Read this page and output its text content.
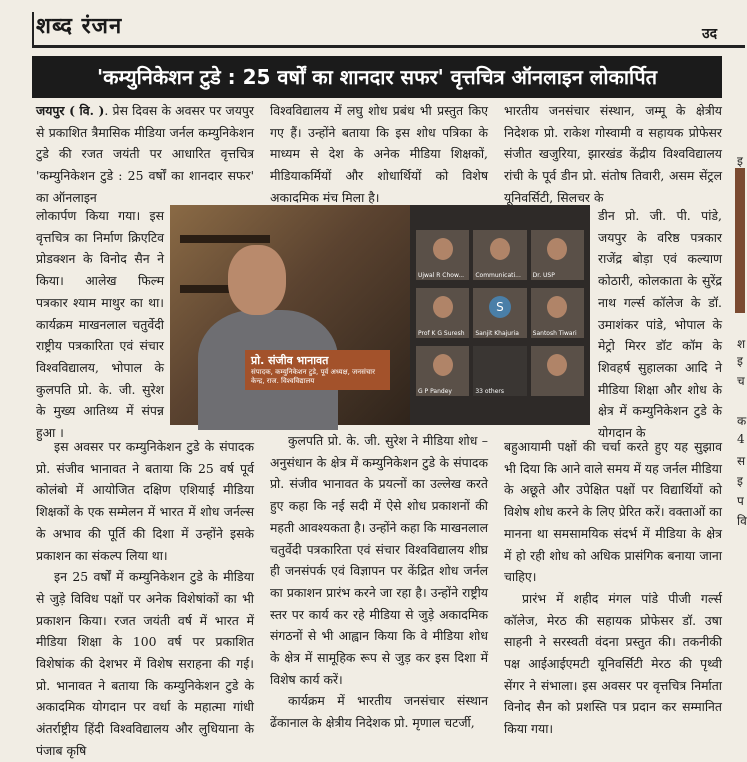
शब्द रंजन	उद
'कम्युनिकेशन टुडे : 25 वर्षों का शानदार सफर' वृत्तचित्र ऑनलाइन लोकार्पित

जयपुर ( वि. ). प्रेस दिवस के अवसर पर जयपुर से प्रकाशित त्रैमासिक मीडिया जर्नल कम्युनिकेशन टुडे की रजत जयंती पर आधारित वृत्तचित्र 'कम्युनिकेशन टुडे : 25 वर्षों का शानदार सफर' का ऑनलाइन

लोकार्पण किया गया। इस वृत्तचित्र का निर्माण क्रिएटिव प्रोडक्शन के विनोद सैन ने किया। आलेख फिल्म पत्रकार श्याम माथुर का था। कार्यक्रम माखनलाल चतुर्वेदी राष्ट्रीय पत्रकारिता एवं संचार विश्वविद्यालय, भोपाल के कुलपति प्रो. के. जी. सुरेश के मुख्य आतिथ्य में संपन्न हुआ ।

इस अवसर पर कम्युनिकेशन टुडे के संपादक प्रो. संजीव भानावत ने बताया कि 25 वर्ष पूर्व कोलंबो में आयोजित दक्षिण एशियाई मीडिया शिक्षकों के एक सम्मेलन में भारत में शोध जर्नल्स के अभाव की पूर्ति की दिशा में उन्होंने इसके प्रकाशन का संकल्प लिया था।

इन 25 वर्षों में कम्युनिकेशन टुडे के मीडिया से जुड़े विविध पक्षों पर अनेक विशेषांकों का भी प्रकाशन किया। रजत जयंती वर्ष में भारत में मीडिया शिक्षा के 100 वर्ष पर प्रकाशित विशेषांक की देशभर में विशेष सराहना की गई। प्रो. भानावत ने बताया कि कम्युनिकेशन टुडे के अकादमिक योगदान पर वर्धा के महात्मा गांधी अंतर्राष्ट्रीय हिंदी विश्वविद्यालय और लुधियाना के पंजाब कृषि

विश्वविद्यालय में लघु शोध प्रबंध भी प्रस्तुत किए गए हैं। उन्होंने बताया कि इस शोध पत्रिका के माध्यम से देश के अनेक मीडिया शिक्षकों, मीडियाकर्मियों और शोधार्थियों को विशेष अकादमिक मंच मिला है।

कुलपति प्रो. के. जी. सुरेश ने मीडिया शोध – अनुसंधान के क्षेत्र में कम्युनिकेशन टुडे के संपादक प्रो. संजीव भानावत के प्रयत्नों का उल्लेख करते हुए कहा कि नई सदी में ऐसे शोध प्रकाशनों की महती आवश्यकता है। उन्होंने कहा कि माखनलाल चतुर्वेदी पत्रकारिता एवं संचार विश्वविद्यालय शीघ्र ही जनसंपर्क एवं विज्ञापन पर केंद्रित शोध जर्नल का प्रकाशन प्रारंभ करने जा रहा है। उन्होंने राष्ट्रीय स्तर पर कार्य कर रहे मीडिया से जुड़े अकादमिक संगठनों से भी आह्वान किया कि वे मीडिया शोध के क्षेत्र में सामूहिक रूप से जुड़ कर इस दिशा में विशेष कार्य करें।

कार्यक्रम में भारतीय जनसंचार संस्थान ढेंकानाल के क्षेत्रीय निदेशक प्रो. मृणाल चटर्जी,

भारतीय जनसंचार संस्थान, जम्मू के क्षेत्रीय निदेशक प्रो. राकेश गोस्वामी व सहायक प्रोफेसर संजीत खजुरिया, झारखंड केंद्रीय विश्वविद्यालय रांची के पूर्व डीन प्रो. संतोष तिवारी, असम सेंट्रल यूनिवर्सिटी, सिलचर के

डीन प्रो. जी. पी. पांडे, जयपुर के वरिष्ठ पत्रकार राजेंद्र बोड़ा एवं कल्याण कोठारी, कोलकाता के सुरेंद्र नाथ गर्ल्स कॉलेज के डॉ. उमाशंकर पांडे, भोपाल के मेट्रो मिरर डॉट कॉम के शिवहर्ष सुहालका आदि ने मीडिया शिक्षा और शोध के क्षेत्र में कम्युनिकेशन टुडे के योगदान के

बहुआयामी पक्षों की चर्चा करते हुए यह सुझाव भी दिया कि आने वाले समय में यह जर्नल मीडिया के अछूते और उपेक्षित पक्षों पर विद्यार्थियों को विशेष शोध करने के लिए प्रेरित करें। वक्ताओं का मानना था समसामयिक संदर्भ में मीडिया के क्षेत्र में हो रही शोध को अधिक प्रासंगिक बनाया जाना चाहिए।

प्रारंभ में शहीद मंगल पांडे पीजी गर्ल्स कॉलेज, मेरठ की सहायक प्रोफेसर डॉ. उषा साहनी ने सरस्वती वंदना प्रस्तुत की। तकनीकी पक्ष आईआईएमटी यूनिवर्सिटी मेरठ की पृथ्वी सेंगर ने संभाला। इस अवसर पर वृत्तचित्र निर्माता विनोद सैन को प्रशस्ति पत्र प्रदान कर सम्मानित किया गया।

प्रो. संजीव भानावत
संपादक, कम्युनिकेशन टुडे, पूर्व अध्यक्ष, जनसंचार केन्द्र, राज. विश्वविद्यालय
Ujwal R Chow... Communicati... Dr. USP
Prof K G Suresh
S
Sanjit Khajuria Santosh Tiwari
G P Pandey	33 others
इ
श
इ
च
क
4
स
इ
प
वि
